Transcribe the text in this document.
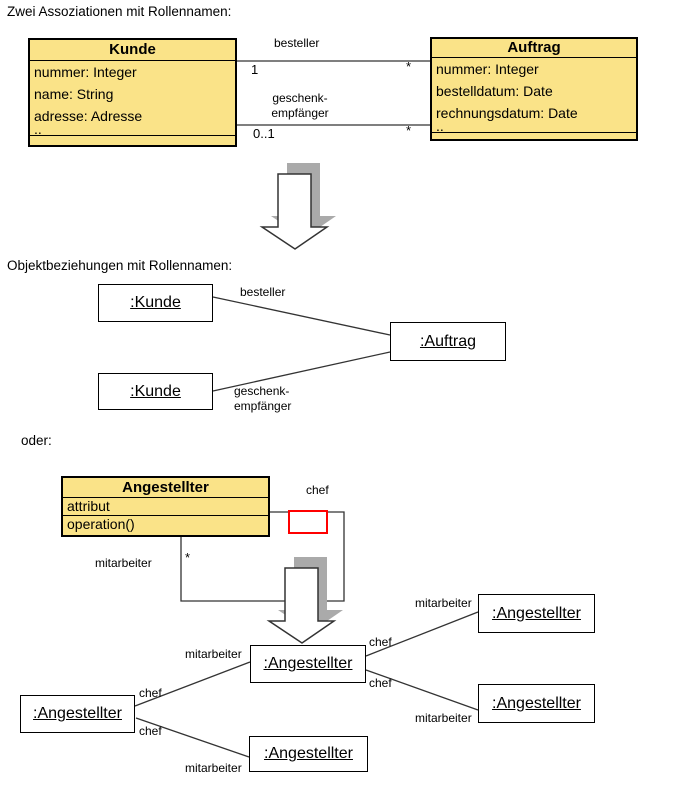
Zwei Assoziationen mit Rollennamen:
Kunde
nummer: Integer
name: String
adresse: Adresse
..
Auftrag
nummer: Integer
bestelldatum: Date
rechnungsdatum: Date
..
besteller
1	*
geschenk-
empfänger
0..1	*
Objektbeziehungen mit Rollennamen:
:Kunde
:Kunde
:Auftrag
besteller
geschenk-
empfänger
oder:
Angestellter
attribut
operation()
chef
*
mitarbeiter
:Angestellter
:Angestellter
:Angestellter
:Angestellter
:Angestellter
mitarbeiter
chef
chef
mitarbeiter
mitarbeiter
chef
chef
mitarbeiter
